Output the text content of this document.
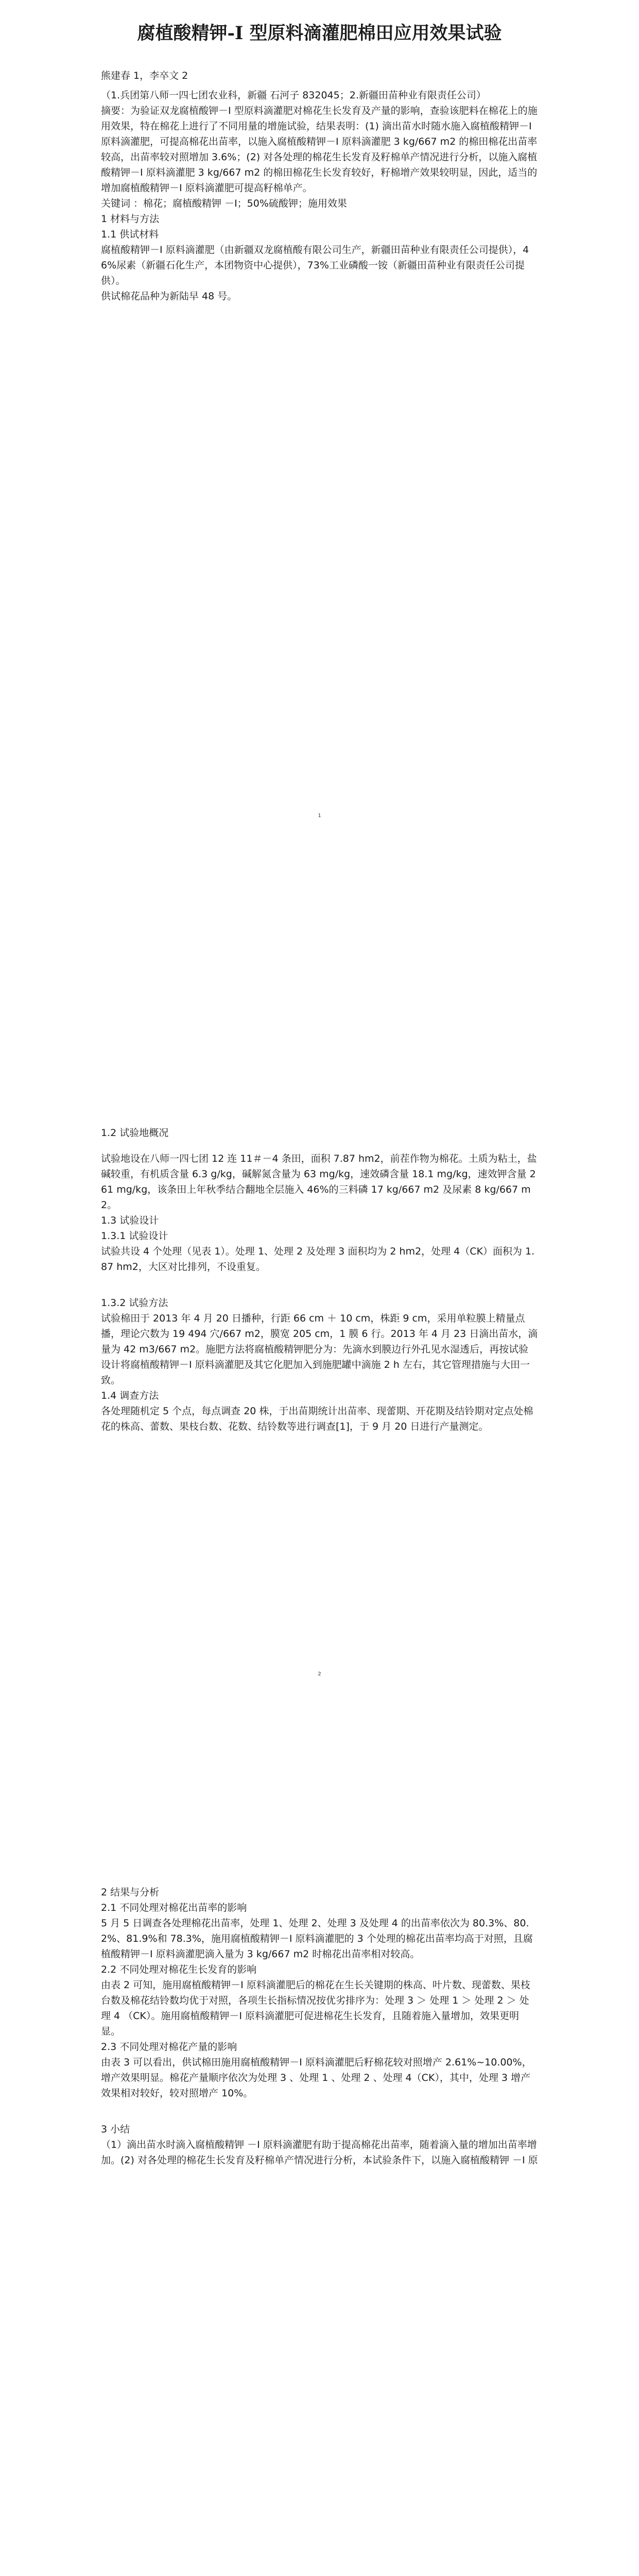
腐植酸精钾-I 型原料滴灌肥棉田应用效果试验

熊建春 1，李卒文 2

（1.兵团第八师一四七团农业科，新疆 石河子 832045；2.新疆田苗种业有限责任公司）

摘要：为验证双龙腐植酸钾－I 型原料滴灌肥对棉花生长发育及产量的影响，查验该肥料在棉花上的施用效果，特在棉花上进行了不同用量的增施试验，结果表明：(1) 滴出苗水时随水施入腐植酸精钾－I 原料滴灌肥，可提高棉花出苗率，以施入腐植酸精钾－I 原料滴灌肥 3 kg/667 m2 的棉田棉花出苗率较高，出苗率较对照增加 3.6%；(2) 对各处理的棉花生长发育及籽棉单产情况进行分析，以施入腐植酸精钾－I 原料滴灌肥 3 kg/667 m2 的棉田棉花生长发育较好，籽棉增产效果较明显，因此，适当的增加腐植酸精钾－I 原料滴灌肥可提高籽棉单产。

关键词 ：棉花；腐植酸精钾 －I；50%硫酸钾；施用效果

1 材料与方法

1.1 供试材料

腐植酸精钾－I 原料滴灌肥（由新疆双龙腐植酸有限公司生产，新疆田苗种业有限责任公司提供），46%尿素（新疆石化生产，本团物资中心提供），73%工业磷酸一铵（新疆田苗种业有限责任公司提供）。

供试棉花品种为新陆早 48 号。

1

1.2 试验地概况

试验地设在八师一四七团 12 连 11＃－4 条田，面积 7.87 hm2，前茬作物为棉花。土质为粘土，盐碱较重，有机质含量 6.3 g/kg，碱解氮含量为 63 mg/kg，速效磷含量 18.1 mg/kg，速效钾含量 261 mg/kg，该条田上年秋季结合翻地全层施入 46%的三料磷 17 kg/667 m2 及尿素 8 kg/667 m2。

1.3 试验设计

1.3.1 试验设计

试验共设 4 个处理（见表 1）。处理 1、处理 2 及处理 3 面积均为 2 hm2，处理 4（CK）面积为 1.87 hm2，大区对比排列，不设重复。

1.3.2 试验方法

试验棉田于 2013 年 4 月 20 日播种，行距 66 cm ＋ 10 cm，株距 9 cm，采用单粒膜上精量点播，理论穴数为 19 494 穴/667 m2，膜宽 205 cm，1 膜 6 行。2013 年 4 月 23 日滴出苗水，滴量为 42 m3/667 m2。施肥方法将腐植酸精钾肥分为：先滴水到膜边行外孔见水湿透后，再按试验设计将腐植酸精钾－I 原料滴灌肥及其它化肥加入到施肥罐中滴施 2 h 左右，其它管理措施与大田一致。

1.4 调查方法

各处理随机定 5 个点，每点调查 20 株，于出苗期统计出苗率、现蕾期、开花期及结铃期对定点处棉花的株高、蕾数、果枝台数、花数、结铃数等进行调查[1]，于 9 月 20 日进行产量测定。

2

2 结果与分析

2.1 不同处理对棉花出苗率的影响

5 月 5 日调查各处理棉花出苗率，处理 1、处理 2、处理 3 及处理 4 的出苗率依次为 80.3%、80.2%、81.9%和 78.3%，施用腐植酸精钾－I 原料滴灌肥的 3 个处理的棉花出苗率均高于对照，且腐植酸精钾－I 原料滴灌肥滴入量为 3 kg/667 m2 时棉花出苗率相对较高。

2.2 不同处理对棉花生长发育的影响

由表 2 可知，施用腐植酸精钾－I 原料滴灌肥后的棉花在生长关键期的株高、叶片数、现蕾数、果枝台数及棉花结铃数均优于对照，各项生长指标情况按优劣排序为：处理 3 ＞ 处理 1 ＞ 处理 2 ＞ 处理 4 （CK）。施用腐植酸精钾－I 原料滴灌肥可促进棉花生长发育，且随着施入量增加，效果更明显。

2.3 不同处理对棉花产量的影响

由表 3 可以看出，供试棉田施用腐植酸精钾－I 原料滴灌肥后籽棉花较对照增产 2.61%~10.00%，增产效果明显。棉花产量顺序依次为处理 3 、处理 1 、处理 2 、处理 4（CK），其中，处理 3 增产效果相对较好，较对照增产 10%。

3 小结

（1）滴出苗水时滴入腐植酸精钾 －I 原料滴灌肥有助于提高棉花出苗率，随着滴入量的增加出苗率增加。(2) 对各处理的棉花生长发育及籽棉单产情况进行分析，本试验条件下，以施入腐植酸精钾 －I 原
